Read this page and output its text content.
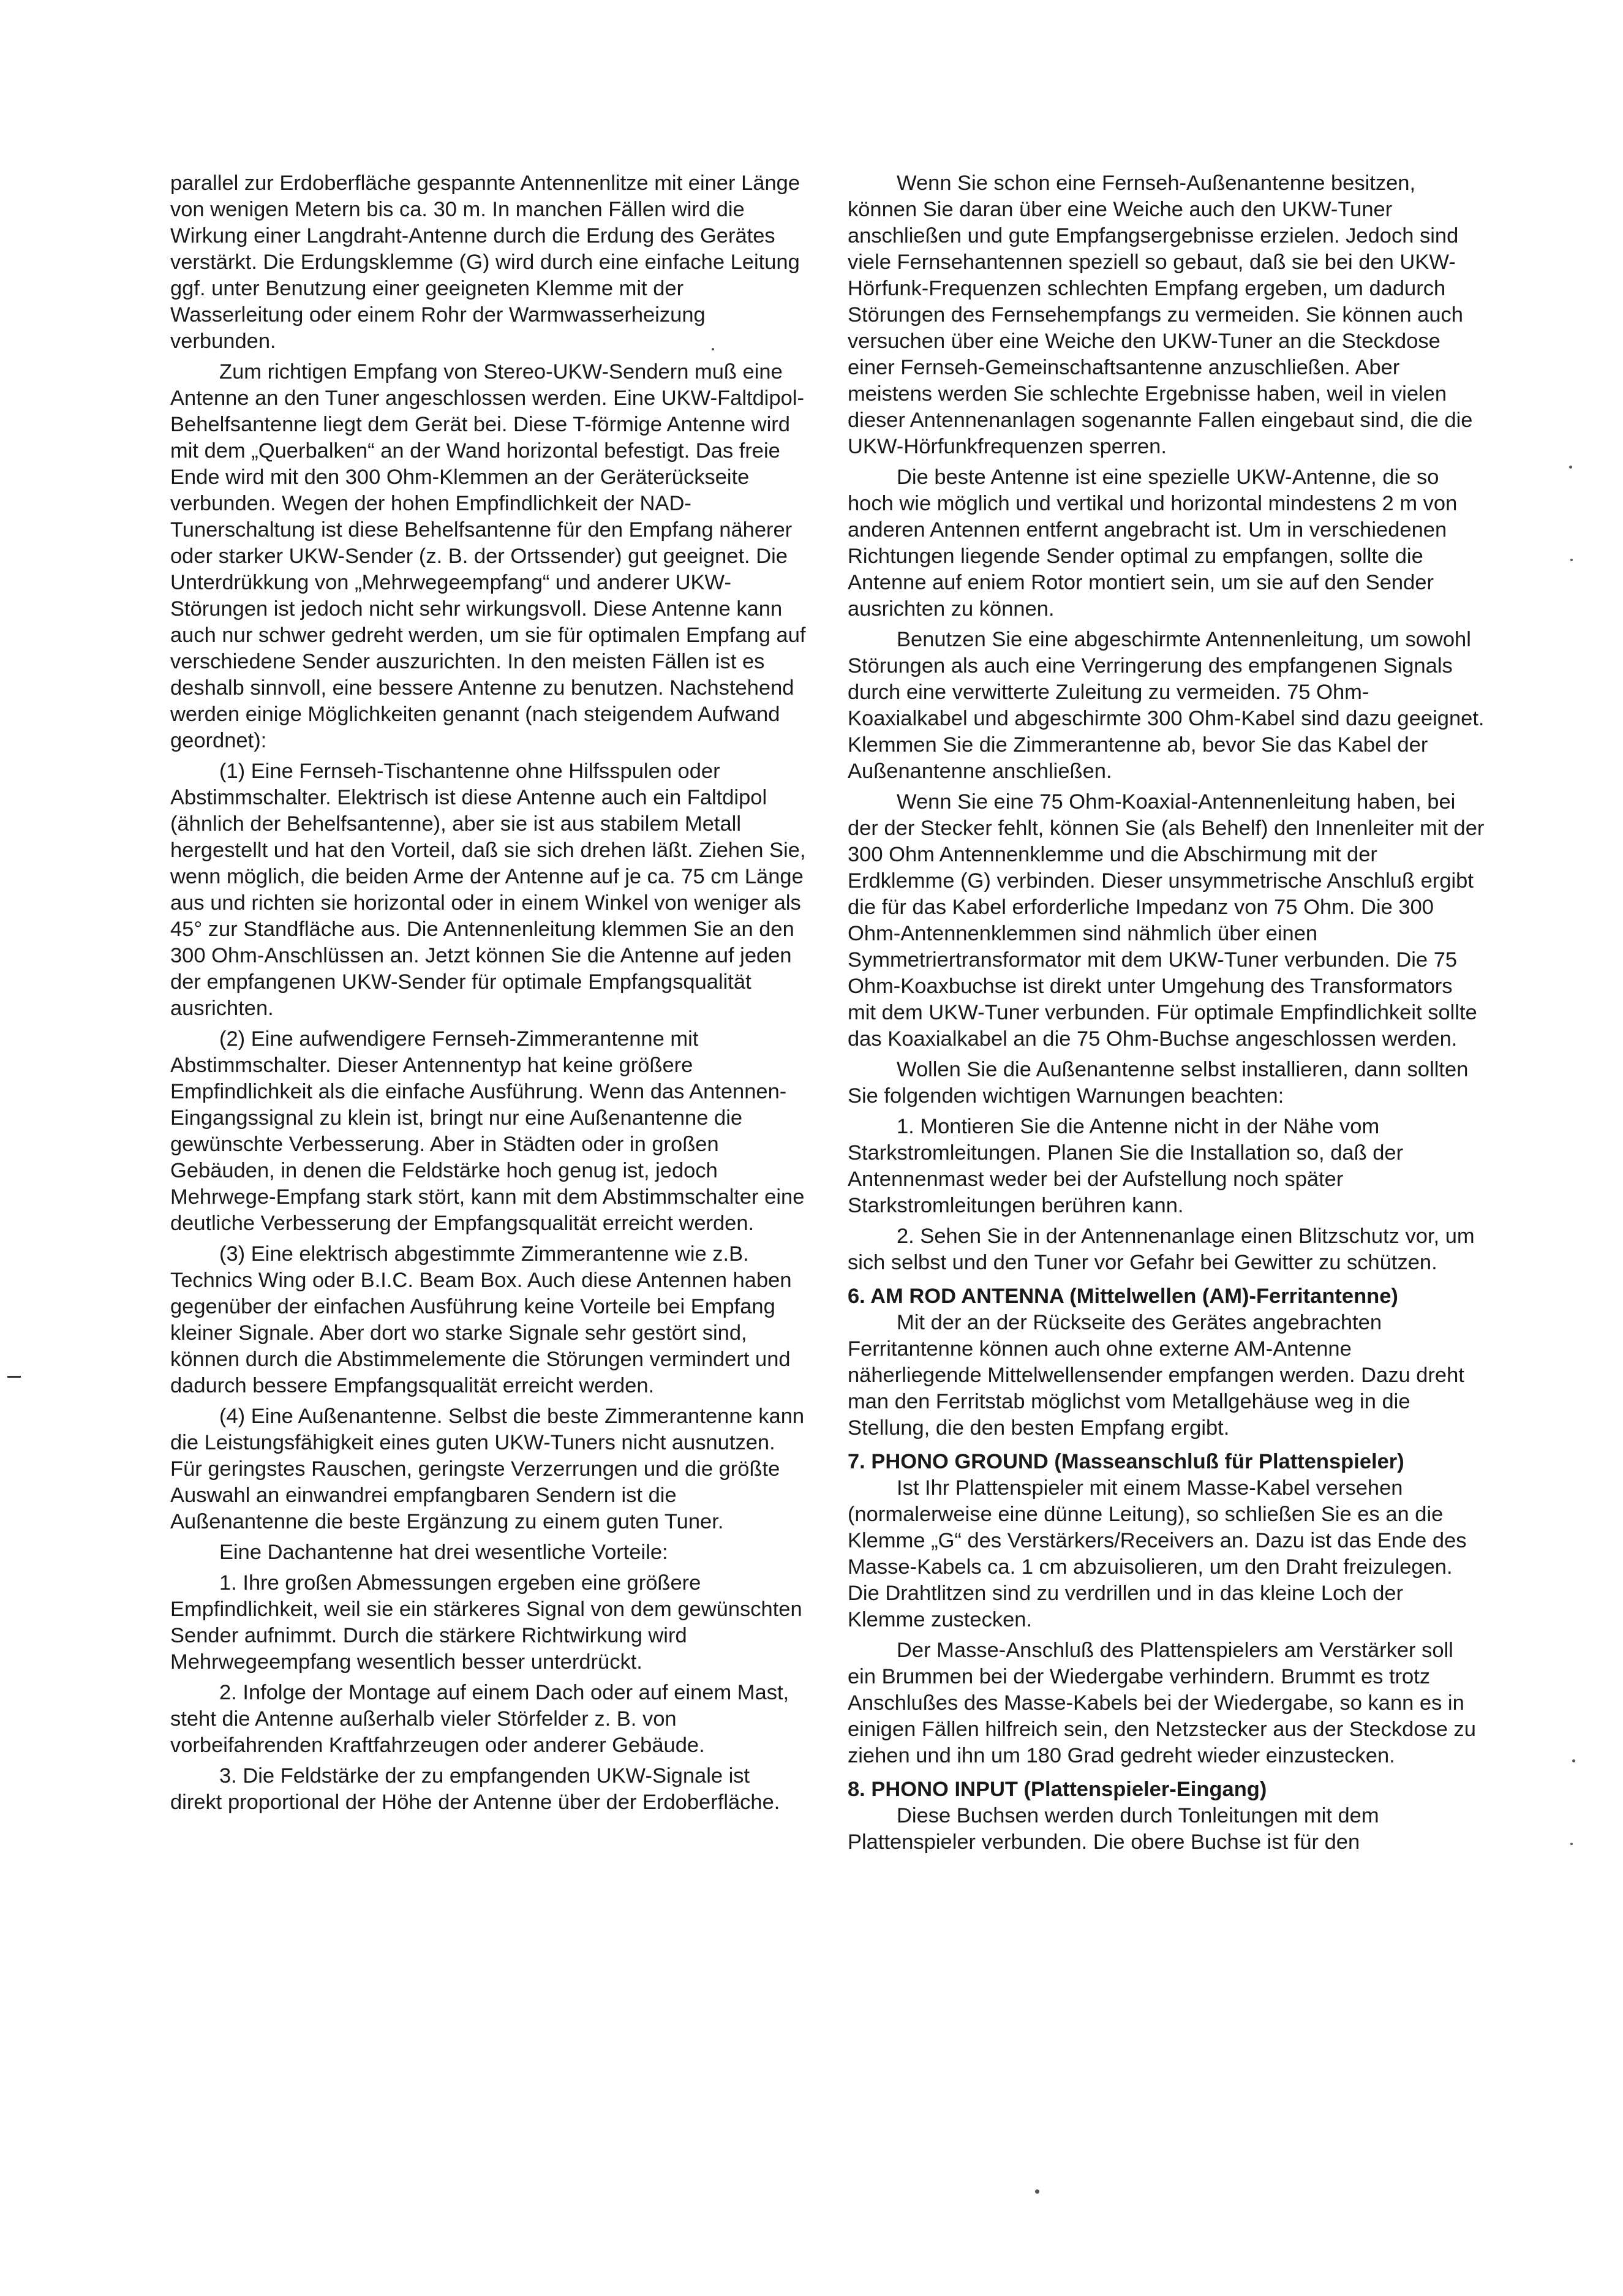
parallel zur Erdoberfläche gespannte Antennenlitze mit einer Länge von wenigen Metern bis ca. 30 m. In manchen Fällen wird die Wirkung einer Langdraht-Antenne durch die Erdung des Gerätes verstärkt. Die Erdungsklemme (G) wird durch eine einfache Leitung ggf. unter Benutzung einer geeigneten Klemme mit der Wasserleitung oder einem Rohr der Warmwasserheizung verbunden.

Zum richtigen Empfang von Stereo-UKW-Sendern muß eine Antenne an den Tuner angeschlossen werden. Eine UKW-Faltdipol-Behelfsantenne liegt dem Gerät bei. Diese T-förmige Antenne wird mit dem „Querbalken“ an der Wand horizontal befestigt. Das freie Ende wird mit den 300 Ohm-Klemmen an der Geräterückseite verbunden. Wegen der hohen Empfindlichkeit der NAD-Tunerschaltung ist diese Behelfsantenne für den Empfang näherer oder starker UKW-Sender (z. B. der Ortssender) gut geeignet. Die Unterdrükkung von „Mehrwegeempfang“ und anderer UKW-Störungen ist jedoch nicht sehr wirkungsvoll. Diese Antenne kann auch nur schwer gedreht werden, um sie für optimalen Empfang auf verschiedene Sender auszurichten. In den meisten Fällen ist es deshalb sinnvoll, eine bessere Antenne zu benutzen. Nachstehend werden einige Möglichkeiten genannt (nach steigendem Aufwand geordnet):

(1) Eine Fernseh-Tischantenne ohne Hilfsspulen oder Abstimmschalter. Elektrisch ist diese Antenne auch ein Faltdipol (ähnlich der Behelfsantenne), aber sie ist aus stabilem Metall hergestellt und hat den Vorteil, daß sie sich drehen läßt. Ziehen Sie, wenn möglich, die beiden Arme der Antenne auf je ca. 75 cm Länge aus und richten sie horizontal oder in einem Winkel von weniger als 45° zur Standfläche aus. Die Antennenleitung klemmen Sie an den 300 Ohm-Anschlüssen an. Jetzt können Sie die Antenne auf jeden der empfangenen UKW-Sender für optimale Empfangsqualität ausrichten.

(2) Eine aufwendigere Fernseh-Zimmerantenne mit Abstimmschalter. Dieser Antennentyp hat keine größere Empfindlichkeit als die einfache Ausführung. Wenn das Antennen-Eingangssignal zu klein ist, bringt nur eine Außenantenne die gewünschte Verbesserung. Aber in Städten oder in großen Gebäuden, in denen die Feldstärke hoch genug ist, jedoch Mehrwege-Empfang stark stört, kann mit dem Abstimmschalter eine deutliche Verbesserung der Empfangsqualität erreicht werden.

(3) Eine elektrisch abgestimmte Zimmerantenne wie z.B. Technics Wing oder B.I.C. Beam Box. Auch diese Antennen haben gegenüber der einfachen Ausführung keine Vorteile bei Empfang kleiner Signale. Aber dort wo starke Signale sehr gestört sind, können durch die Abstimmelemente die Störungen vermindert und dadurch bessere Empfangsqualität erreicht werden.

(4) Eine Außenantenne. Selbst die beste Zimmerantenne kann die Leistungsfähigkeit eines guten UKW-Tuners nicht ausnutzen. Für geringstes Rauschen, geringste Verzerrungen und die größte Auswahl an einwandrei empfangbaren Sendern ist die Außenantenne die beste Ergänzung zu einem guten Tuner.

Eine Dachantenne hat drei wesentliche Vorteile:

1. Ihre großen Abmessungen ergeben eine größere Empfindlichkeit, weil sie ein stärkeres Signal von dem gewünschten Sender aufnimmt. Durch die stärkere Richtwirkung wird Mehrwegeempfang wesentlich besser unterdrückt.

2. Infolge der Montage auf einem Dach oder auf einem Mast, steht die Antenne außerhalb vieler Störfelder z. B. von vorbeifahrenden Kraftfahrzeugen oder anderer Gebäude.

3. Die Feldstärke der zu empfangenden UKW-Signale ist direkt proportional der Höhe der Antenne über der Erdoberfläche.

Wenn Sie schon eine Fernseh-Außenantenne besitzen, können Sie daran über eine Weiche auch den UKW-Tuner anschließen und gute Empfangsergebnisse erzielen. Jedoch sind viele Fernsehantennen speziell so gebaut, daß sie bei den UKW-Hörfunk-Frequenzen schlechten Empfang ergeben, um dadurch Störungen des Fernsehempfangs zu vermeiden. Sie können auch versuchen über eine Weiche den UKW-Tuner an die Steckdose einer Fernseh-Gemeinschaftsantenne anzuschließen. Aber meistens werden Sie schlechte Ergebnisse haben, weil in vielen dieser Antennenanlagen sogenannte Fallen eingebaut sind, die die UKW-Hörfunkfrequenzen sperren.

Die beste Antenne ist eine spezielle UKW-Antenne, die so hoch wie möglich und vertikal und horizontal mindestens 2 m von anderen Antennen entfernt angebracht ist. Um in verschiedenen Richtungen liegende Sender optimal zu empfangen, sollte die Antenne auf eniem Rotor montiert sein, um sie auf den Sender ausrichten zu können.

Benutzen Sie eine abgeschirmte Antennenleitung, um sowohl Störungen als auch eine Verringerung des empfangenen Signals durch eine verwitterte Zuleitung zu vermeiden. 75 Ohm-Koaxialkabel und abgeschirmte 300 Ohm-Kabel sind dazu geeignet. Klemmen Sie die Zimmerantenne ab, bevor Sie das Kabel der Außenantenne anschließen.

Wenn Sie eine 75 Ohm-Koaxial-Antennenleitung haben, bei der der Stecker fehlt, können Sie (als Behelf) den Innenleiter mit der 300 Ohm Antennenklemme und die Abschirmung mit der Erdklemme (G) verbinden. Dieser unsymmetrische Anschluß ergibt die für das Kabel erforderliche Impedanz von 75 Ohm. Die 300 Ohm-Antennenklemmen sind nähmlich über einen Symmetriertransformator mit dem UKW-Tuner verbunden. Die 75 Ohm-Koaxbuchse ist direkt unter Umgehung des Transformators mit dem UKW-Tuner verbunden. Für optimale Empfindlichkeit sollte das Koaxialkabel an die 75 Ohm-Buchse angeschlossen werden.

Wollen Sie die Außenantenne selbst installieren, dann sollten Sie folgenden wichtigen Warnungen beachten:

1. Montieren Sie die Antenne nicht in der Nähe vom Starkstromleitungen. Planen Sie die Installation so, daß der Antennenmast weder bei der Aufstellung noch später Starkstromleitungen berühren kann.

2. Sehen Sie in der Antennenanlage einen Blitzschutz vor, um sich selbst und den Tuner vor Gefahr bei Gewitter zu schützen.

6. AM ROD ANTENNA (Mittelwellen (AM)-Ferritantenne)

Mit der an der Rückseite des Gerätes angebrachten Ferritantenne können auch ohne externe AM-Antenne näherliegende Mittelwellensender empfangen werden. Dazu dreht man den Ferritstab möglichst vom Metallgehäuse weg in die Stellung, die den besten Empfang ergibt.

7. PHONO GROUND (Masseanschluß für Plattenspieler)

Ist Ihr Plattenspieler mit einem Masse-Kabel versehen (normalerweise eine dünne Leitung), so schließen Sie es an die Klemme „G“ des Verstärkers/Receivers an. Dazu ist das Ende des Masse-Kabels ca. 1 cm abzuisolieren, um den Draht freizulegen. Die Drahtlitzen sind zu verdrillen und in das kleine Loch der Klemme zustecken.

Der Masse-Anschluß des Plattenspielers am Verstärker soll ein Brummen bei der Wiedergabe verhindern. Brummt es trotz Anschlußes des Masse-Kabels bei der Wiedergabe, so kann es in einigen Fällen hilfreich sein, den Netzstecker aus der Steckdose zu ziehen und ihn um 180 Grad gedreht wieder einzustecken.

8. PHONO INPUT (Plattenspieler-Eingang)

Diese Buchsen werden durch Tonleitungen mit dem Plattenspieler verbunden. Die obere Buchse ist für den
